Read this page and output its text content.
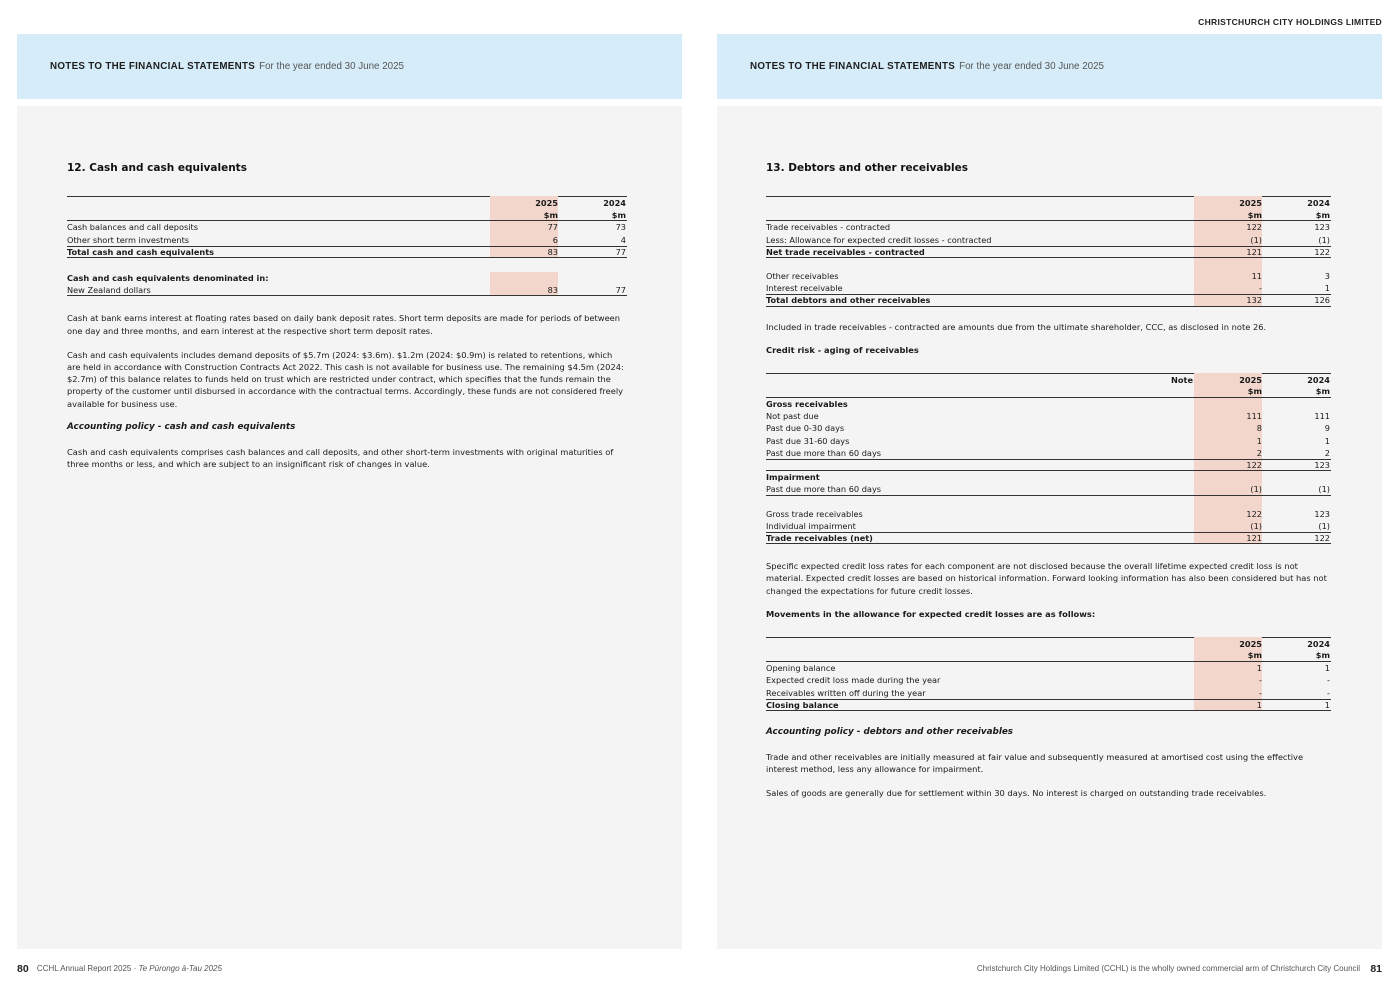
CHRISTCHURCH CITY HOLDINGS LIMITED
NOTES TO THE FINANCIAL STATEMENTS For the year ended 30 June 2025
12. Cash and cash equivalents
2025	2024
$m	$m
Cash balances and call deposits	77	73
Other short term investments	6	4
Total cash and cash equivalents	83	77
Cash and cash equivalents denominated in:
New Zealand dollars	83	77

Cash at bank earns interest at floating rates based on daily bank deposit rates. Short term deposits are made for periods of between one day and three months, and earn interest at the respective short term deposit rates.

Cash and cash equivalents includes demand deposits of $5.7m (2024: $3.6m). $1.2m (2024: $0.9m) is related to retentions, which are held in accordance with Construction Contracts Act 2022. This cash is not available for business use. The remaining $4.5m (2024: $2.7m) of this balance relates to funds held on trust which are restricted under contract, which specifies that the funds remain the property of the customer until disbursed in accordance with the contractual terms. Accordingly, these funds are not considered freely available for business use.

Accounting policy - cash and cash equivalents

Cash and cash equivalents comprises cash balances and call deposits, and other short-term investments with original maturities of three months or less, and which are subject to an insignificant risk of changes in value.

NOTES TO THE FINANCIAL STATEMENTS For the year ended 30 June 2025
13. Debtors and other receivables
2025	2024
$m	$m
Trade receivables - contracted	122	123
Less: Allowance for expected credit losses - contracted	(1)	(1)
Net trade receivables - contracted	121	122
Other receivables	11	3
Interest receivable	-	1
Total debtors and other receivables	132	126

Included in trade receivables - contracted are amounts due from the ultimate shareholder, CCC, as disclosed in note 26.

Credit risk - aging of receivables
Note	2025	2024
$m	$m
Gross receivables
Not past due	111	111
Past due 0-30 days	8	9
Past due 31-60 days	1	1
Past due more than 60 days	2	2
122	123
Impairment
Past due more than 60 days	(1)	(1)
Gross trade receivables	122	123
Individual impairment	(1)	(1)
Trade receivables (net)	121	122

Specific expected credit loss rates for each component are not disclosed because the overall lifetime expected credit loss is not material. Expected credit losses are based on historical information. Forward looking information has also been considered but has not changed the expectations for future credit losses.

Movements in the allowance for expected credit losses are as follows:
2025	2024
$m	$m
Opening balance	1	1
Expected credit loss made during the year	-	-
Receivables written off during the year	-	-
Closing balance	1	1
Accounting policy - debtors and other receivables

Trade and other receivables are initially measured at fair value and subsequently measured at amortised cost using the effective interest method, less any allowance for impairment.

Sales of goods are generally due for settlement within 30 days. No interest is charged on outstanding trade receivables.

80 CCHL Annual Report 2025 · Te Pūrongo ā-Tau 2025	Christchurch City Holdings Limited (CCHL) is the wholly owned commercial arm of Christchurch City Council 81
